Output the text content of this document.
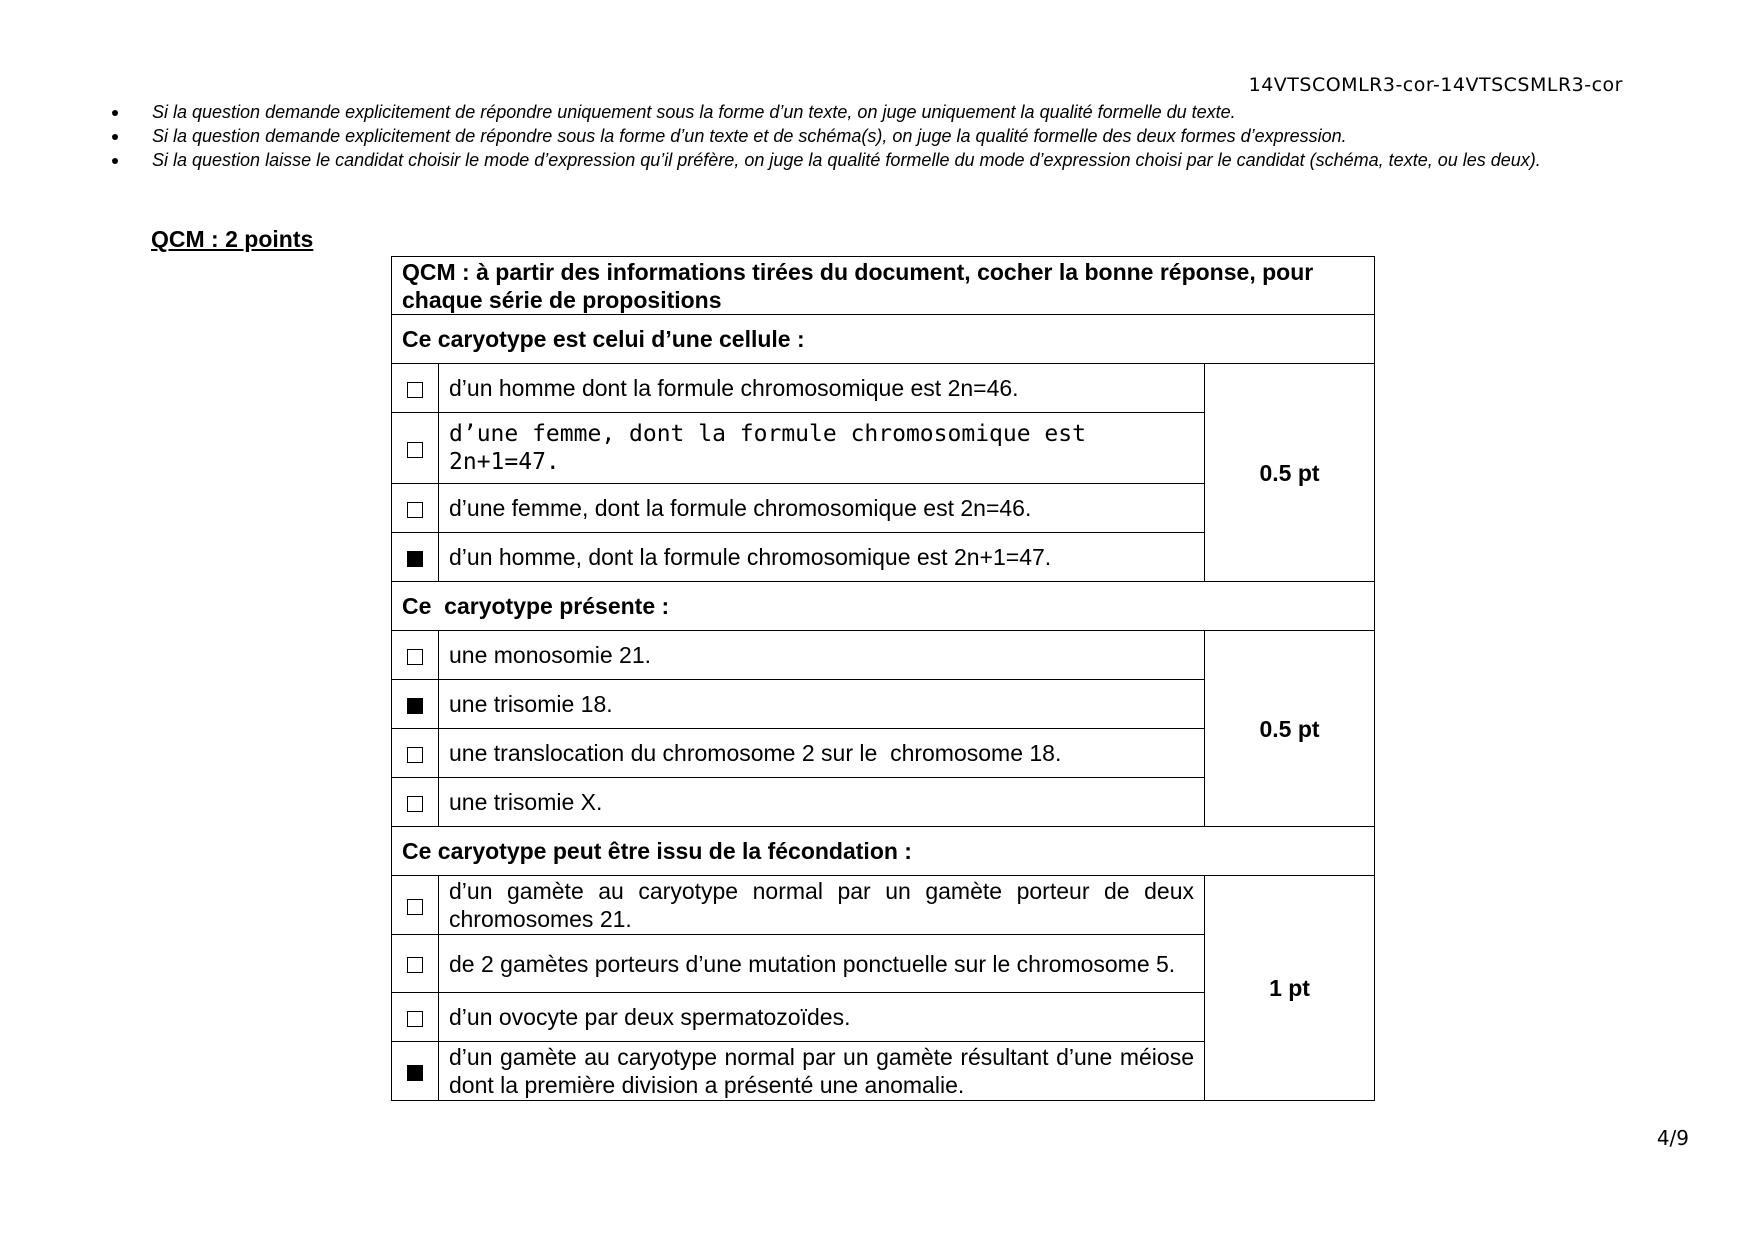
14VTSCOMLR3-cor-14VTSCSMLR3-cor
Si la question demande explicitement de répondre uniquement sous la forme d’un texte, on juge uniquement la qualité formelle du texte.
Si la question demande explicitement de répondre sous la forme d’un texte et de schéma(s), on juge la qualité formelle des deux formes d’expression.
Si la question laisse le candidat choisir le mode d’expression qu’il préfère, on juge la qualité formelle du mode d’expression choisi par le candidat (schéma, texte, ou les deux).
QCM : 2 points
QCM : à partir des informations tirées du document, cocher la bonne réponse, pour chaque série de propositions		
Ce caryotype est celui d’une cellule :		
	d’un homme dont la formule chromosomique est 2n=46.	0.5 pt
	d’une femme, dont la formule chromosomique est 2n+1=47.	
	d’une femme, dont la formule chromosomique est 2n=46.	
	d’un homme, dont la formule chromosomique est 2n+1=47.	
Ce  caryotype présente :		
	une monosomie 21.	0.5 pt
	une trisomie 18.	
	une translocation du chromosome 2 sur le  chromosome 18.	
	une trisomie X.	
Ce caryotype peut être issu de la fécondation :		
	d’un gamète au caryotype normal par un gamète porteur de deux chromosomes 21.	1 pt
	de 2 gamètes porteurs d’une mutation ponctuelle sur le chromosome 5.	
	d’un ovocyte par deux spermatozoïdes.	
	d’un gamète au caryotype normal par un gamète résultant d’une méiose dont la première division a présenté une anomalie.	
4/9
